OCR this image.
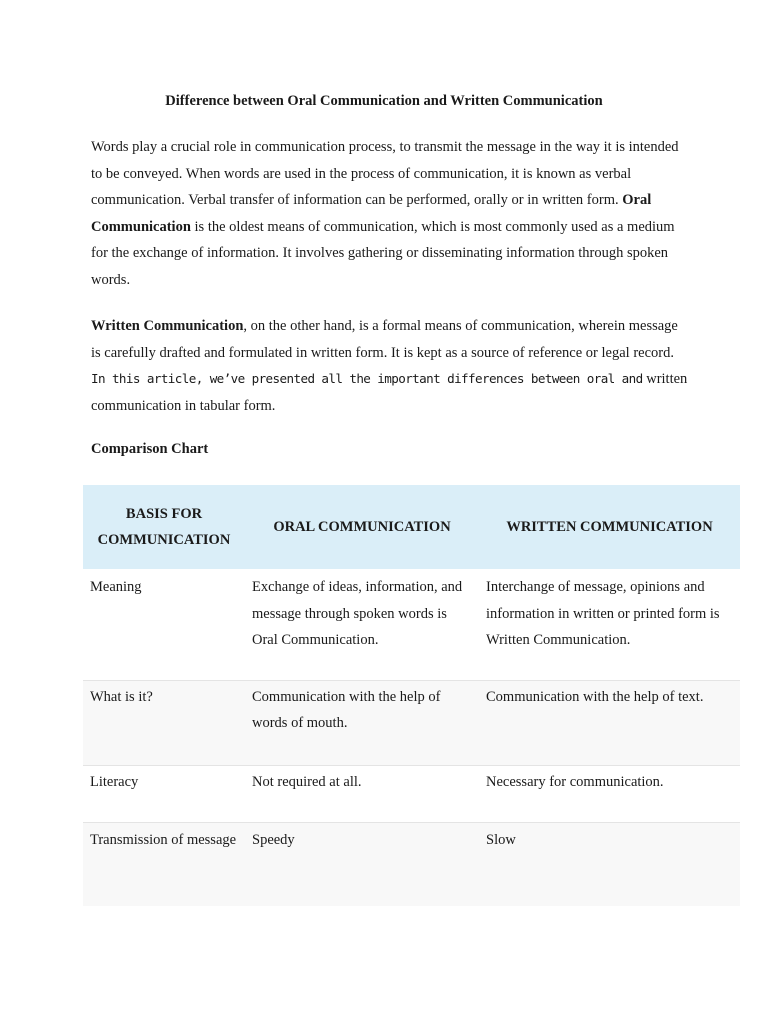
Difference between Oral Communication and Written Communication

Words play a crucial role in communication process, to transmit the message in the way it is intended to be conveyed. When words are used in the process of communication, it is known as verbal communication. Verbal transfer of information can be performed, orally or in written form. Oral Communication is the oldest means of communication, which is most commonly used as a medium for the exchange of information. It involves gathering or disseminating information through spoken words.

Written Communication, on the other hand, is a formal means of communication, wherein message is carefully drafted and formulated in written form. It is kept as a source of reference or legal record. In this article, we’ve presented all the important differences between oral and written communication in tabular form.

Comparison Chart
BASIS FOR COMMUNICATION	ORAL COMMUNICATION	WRITTEN COMMUNICATION
Meaning	Exchange of ideas, information, and message through spoken words is Oral Communication.	Interchange of message, opinions and information in written or printed form is Written Communication.
What is it?	Communication with the help of words of mouth.	Communication with the help of text.
Literacy	Not required at all.	Necessary for communication.
Transmission of message	Speedy	Slow
